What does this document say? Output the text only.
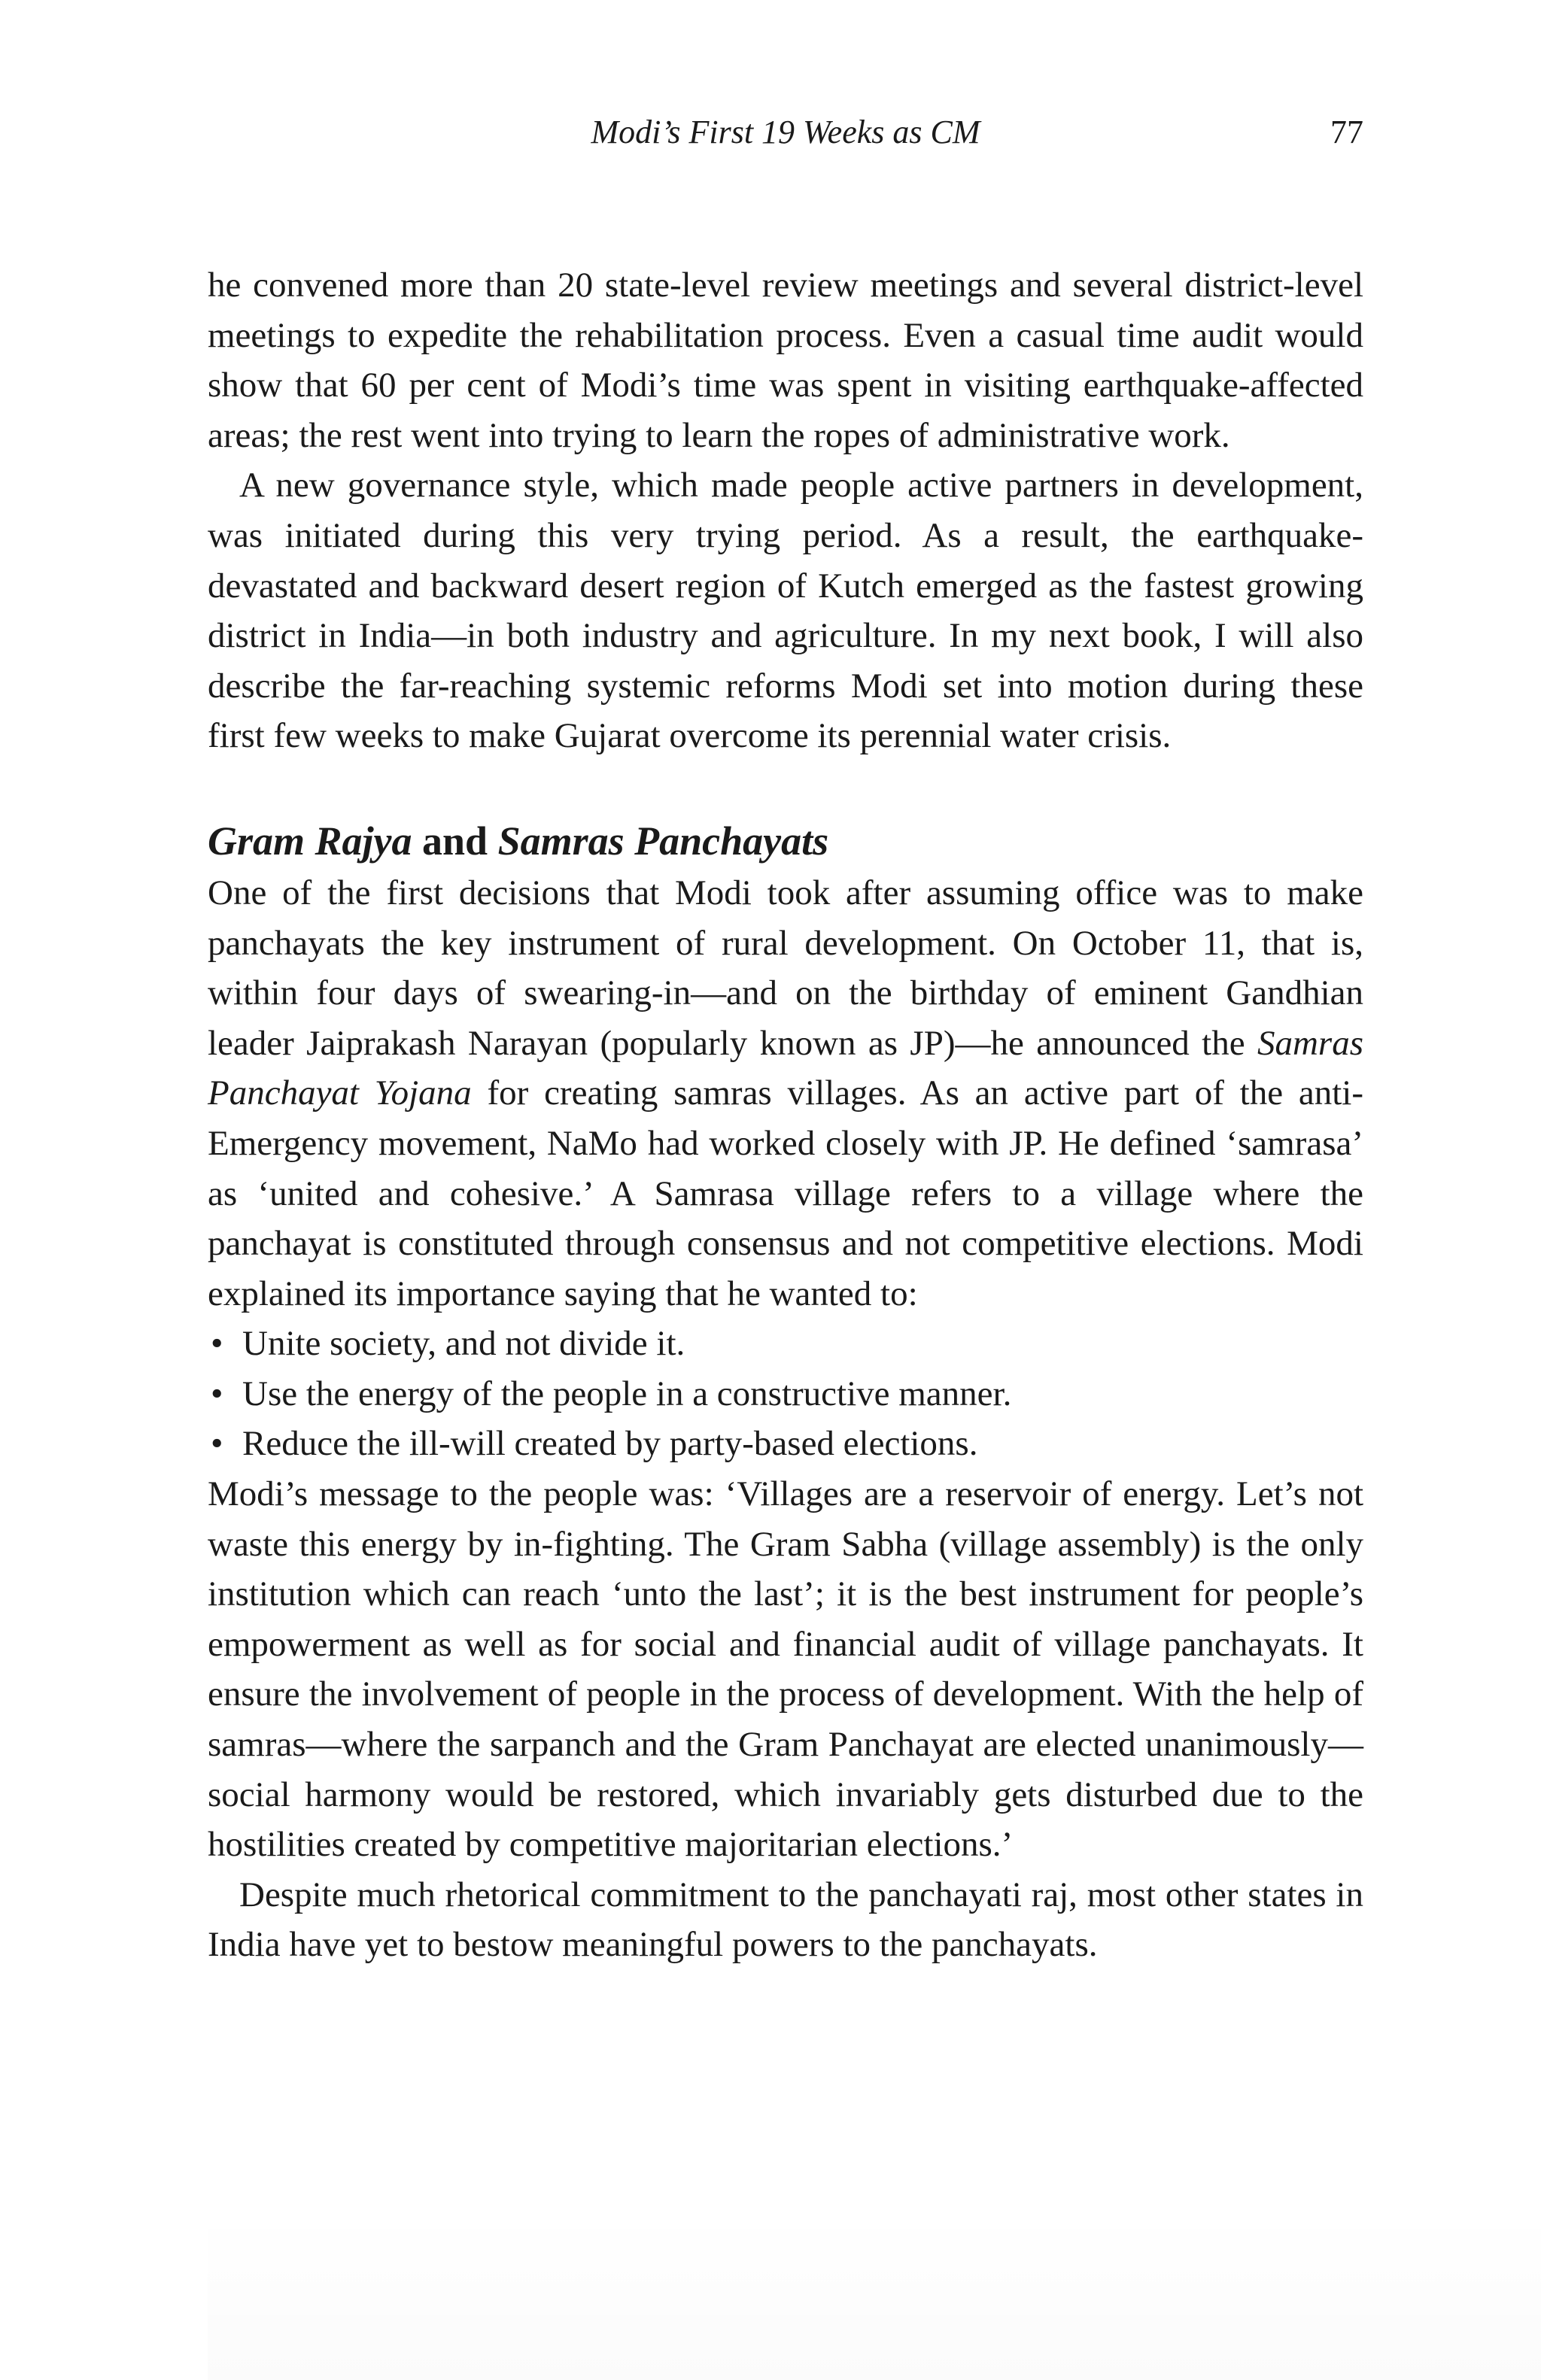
Modi’s First 19 Weeks as CM	77

he convened more than 20 state-level review meetings and several district-level meetings to expedite the rehabilitation process. Even a casual time audit would show that 60 per cent of Modi’s time was spent in visiting earthquake-affected areas; the rest went into trying to learn the ropes of administrative work.

A new governance style, which made people active partners in development, was initiated during this very trying period. As a result, the earthquake-devastated and backward desert region of Kutch emerged as the fastest growing district in India—in both industry and agriculture. In my next book, I will also describe the far-reaching systemic reforms Modi set into motion during these first few weeks to make Gujarat overcome its perennial water crisis.

Gram Rajya and Samras Panchayats

One of the first decisions that Modi took after assuming office was to make panchayats the key instrument of rural development. On October 11, that is, within four days of swearing-in—and on the birthday of eminent Gandhian leader Jaiprakash Narayan (popularly known as JP)—he announced the Samras Panchayat Yojana for creating samras villages. As an active part of the anti-Emergency movement, NaMo had worked closely with JP. He defined ‘samrasa’ as ‘united and cohesive.’ A Samrasa village refers to a village where the panchayat is constituted through consensus and not competitive elections. Modi explained its importance saying that he wanted to:

• Unite society, and not divide it.
• Use the energy of the people in a constructive manner.
• Reduce the ill-will created by party-based elections.

Modi’s message to the people was: ‘Villages are a reservoir of energy. Let’s not waste this energy by in-fighting. The Gram Sabha (village assembly) is the only institution which can reach ‘unto the last’; it is the best instrument for people’s empowerment as well as for social and financial audit of village panchayats. It ensure the involvement of people in the process of development. With the help of samras—where the sarpanch and the Gram Panchayat are elected unanimously—social harmony would be restored, which invariably gets disturbed due to the hostilities created by competitive majoritarian elections.’

Despite much rhetorical commitment to the panchayati raj, most other states in India have yet to bestow meaningful powers to the panchayats.
